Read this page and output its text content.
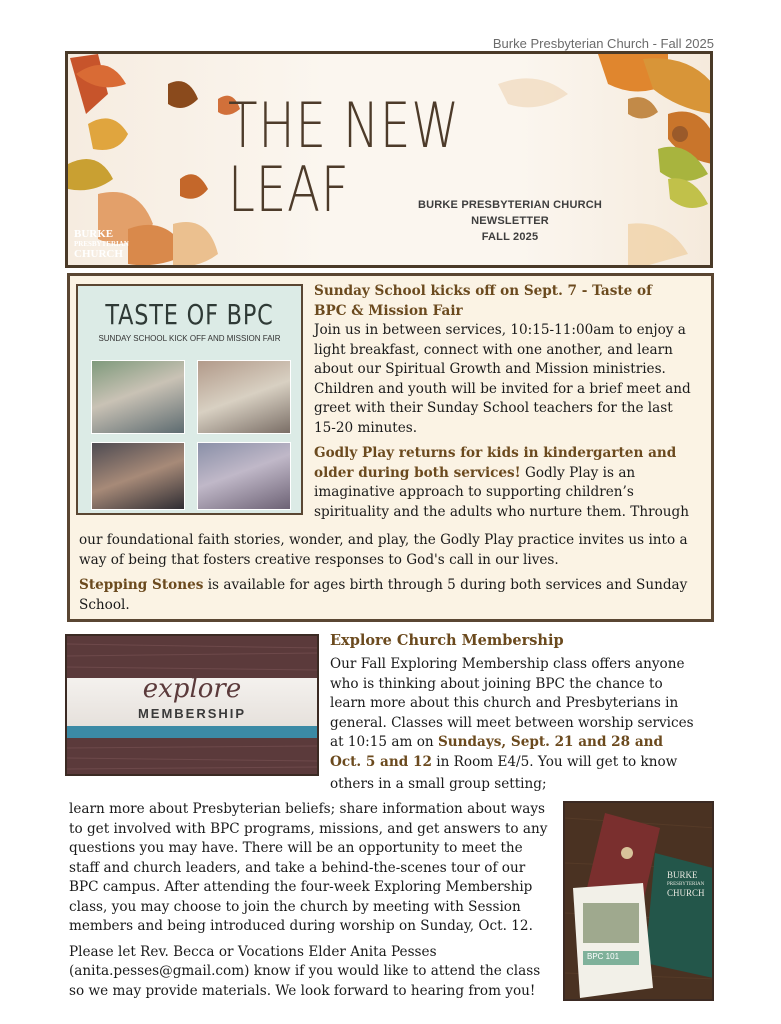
Burke Presbyterian Church - Fall 2025
THE NEW
LEAF	BURKE PRESBYTERIAN CHURCH NEWSLETTER
FALL 2025
BURKE
PRESBYTERIAN
CHURCH
TASTE OF BPC
SUNDAY SCHOOL KICK OFF AND MISSION FAIR
Sunday School kicks off on Sept. 7 - Taste of
BPC & Mission Fair
Join us in between services, 10:15-11:00am to enjoy a
light breakfast, connect with one another, and learn
about our Spiritual Growth and Mission ministries.
Children and youth will be invited for a brief meet and
greet with their Sunday School teachers for the last
15-20 minutes.
Godly Play returns for kids in kindergarten and
older during both services! Godly Play is an
imaginative approach to supporting children’s
spirituality and the adults who nurture them. Through
our foundational faith stories, wonder, and play, the Godly Play practice invites us into a
way of being that fosters creative responses to God's call in our lives.
Stepping Stones is available for ages birth through 5 during both services and Sunday
School.
explore
MEMBERSHIP
Explore Church Membership
Our Fall Exploring Membership class offers anyone
who is thinking about joining BPC the chance to
learn more about this church and Presbyterians in
general. Classes will meet between worship services
at 10:15 am on Sundays, Sept. 21 and 28 and
Oct. 5 and 12 in Room E4/5. You will get to know
others in a small group setting;
learn more about Presbyterian beliefs; share information about ways
to get involved with BPC programs, missions, and get answers to any
questions you may have. There will be an opportunity to meet the
staff and church leaders, and take a behind-the-scenes tour of our
BPC campus. After attending the four-week Exploring Membership
class, you may choose to join the church by meeting with Session
members and being introduced during worship on Sunday, Oct. 12.
Please let Rev. Becca or Vocations Elder Anita Pesses
(anita.pesses@gmail.com) know if you would like to attend the class
so we may provide materials. We look forward to hearing from you!
BPC 101
BURKE
PRESBYTERIAN
CHURCH
